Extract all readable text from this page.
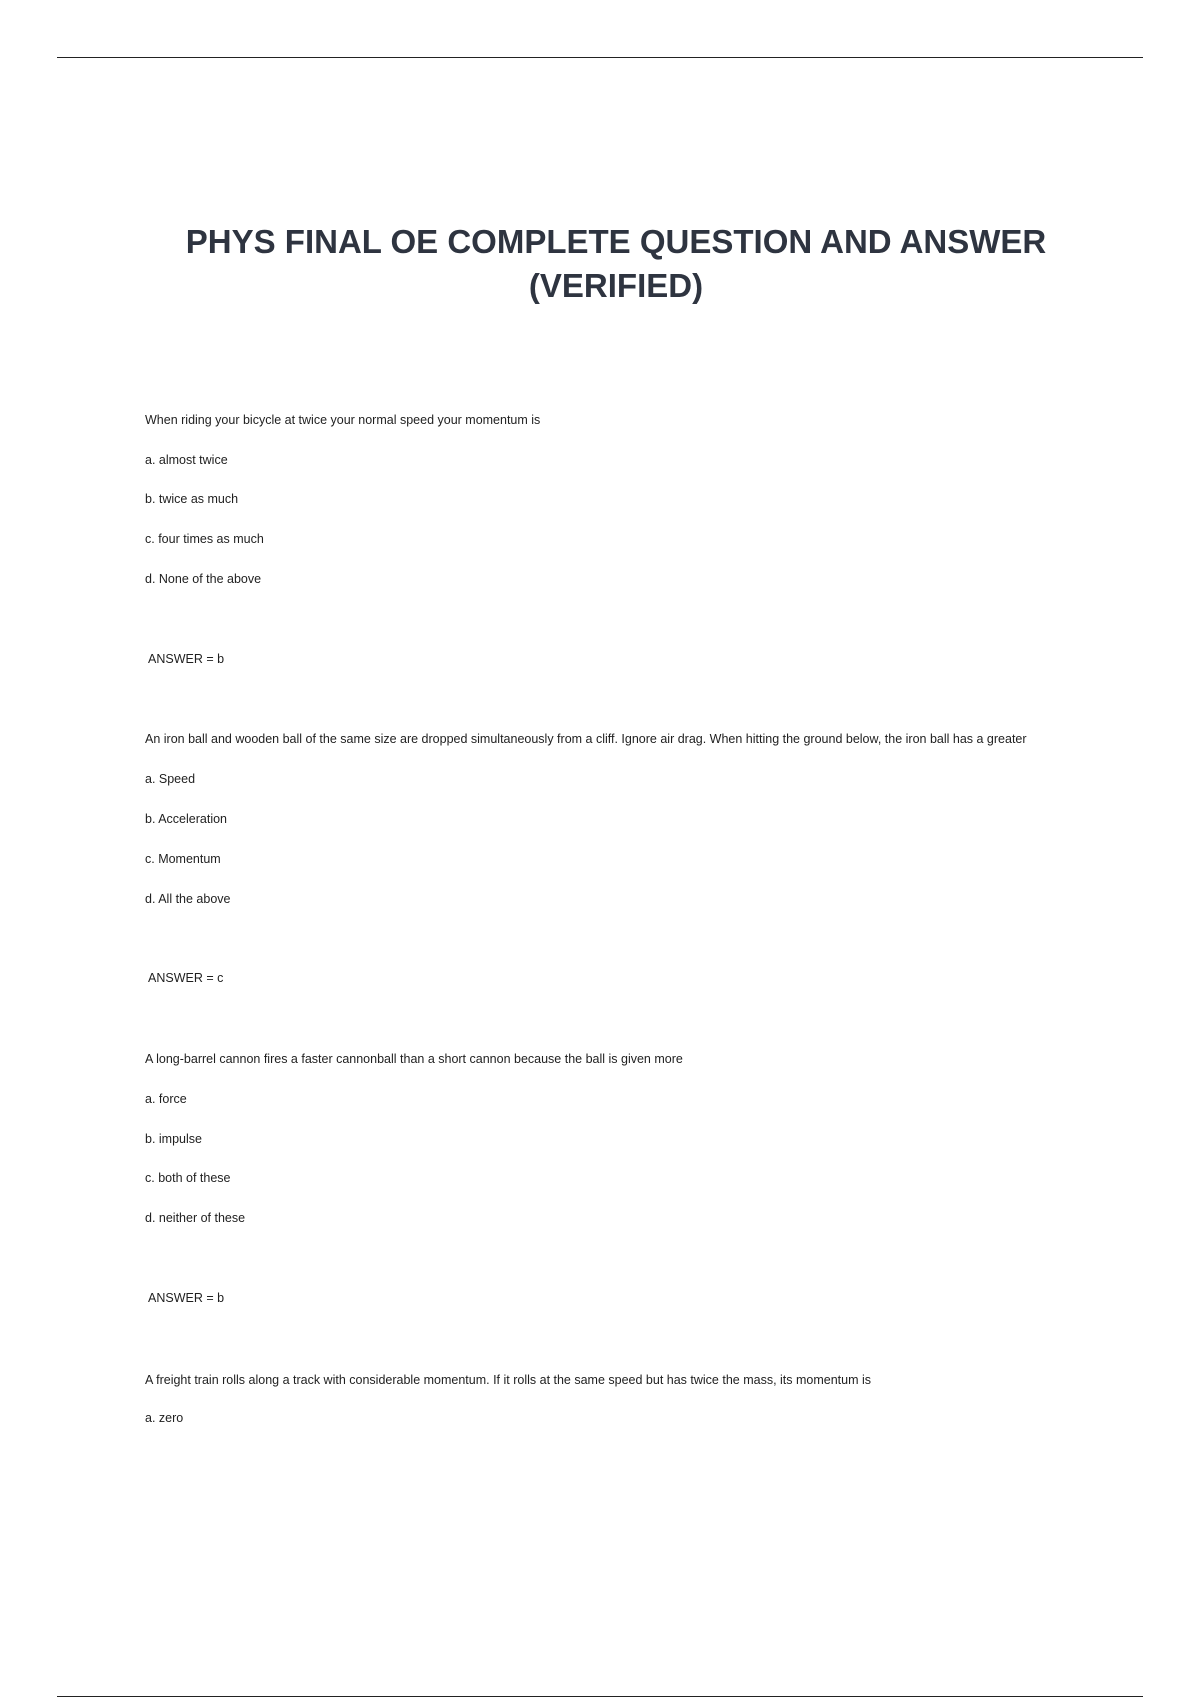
PHYS FINAL OE COMPLETE QUESTION AND ANSWER
(VERIFIED)
When riding your bicycle at twice your normal speed your momentum is
a. almost twice
b. twice as much
c. four times as much
d. None of the above
ANSWER = b
An iron ball and wooden ball of the same size are dropped simultaneously from a cliff. Ignore air drag. When hitting the ground below, the iron ball has a greater
a. Speed
b. Acceleration
c. Momentum
d. All the above
ANSWER = c
A long-barrel cannon fires a faster cannonball than a short cannon because the ball is given more
a. force
b. impulse
c. both of these
d. neither of these
ANSWER = b
A freight train rolls along a track with considerable momentum. If it rolls at the same speed but has twice the mass, its momentum is
a. zero
